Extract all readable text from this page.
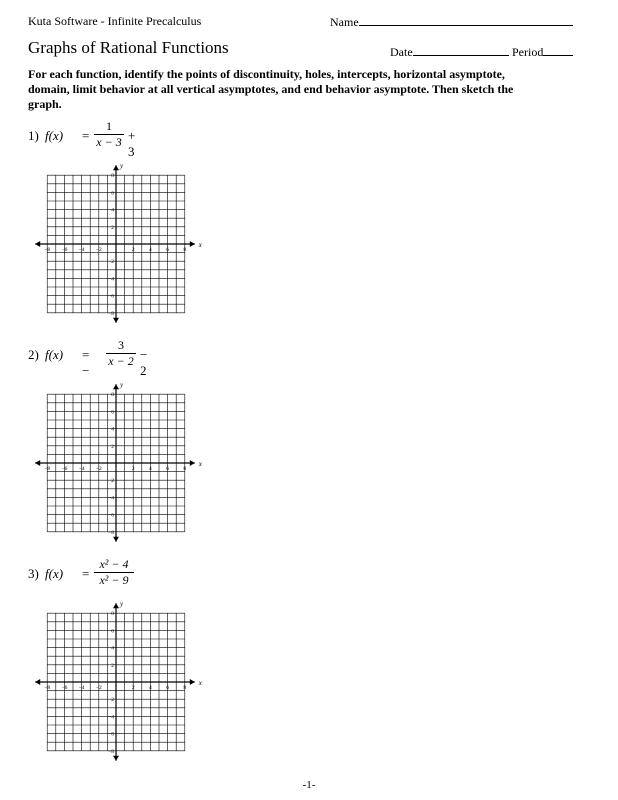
Kuta Software - Infinite Precalculus	Name
Graphs of Rational Functions	Date	Period
For each function, identify the points of discontinuity, holes, intercepts, horizontal asymptote, domain, limit behavior at all vertical asymptotes, and end behavior asymptote. Then sketch the graph.
1) $f(x) = \frac{1}{x - 3} + 3$
2) f(x) = −
$\frac{3}{x - 2} - 2$
3) $f(x) = \frac{\text{x² − 4}}{\text{x² − 9}}$
x
y
−8 −6 −4 −2	2	4	6	8
8
6
4
2
−2
−4
−6
−8
x
y
−8 −6 −4 −2	2	4	6	8
8
6
4
2
−2
−4
−6
−8
x
y
−8 −6 −4 −2	2	4	6	8
8
6
4
2
−2
−4
−6
−8
-1-
